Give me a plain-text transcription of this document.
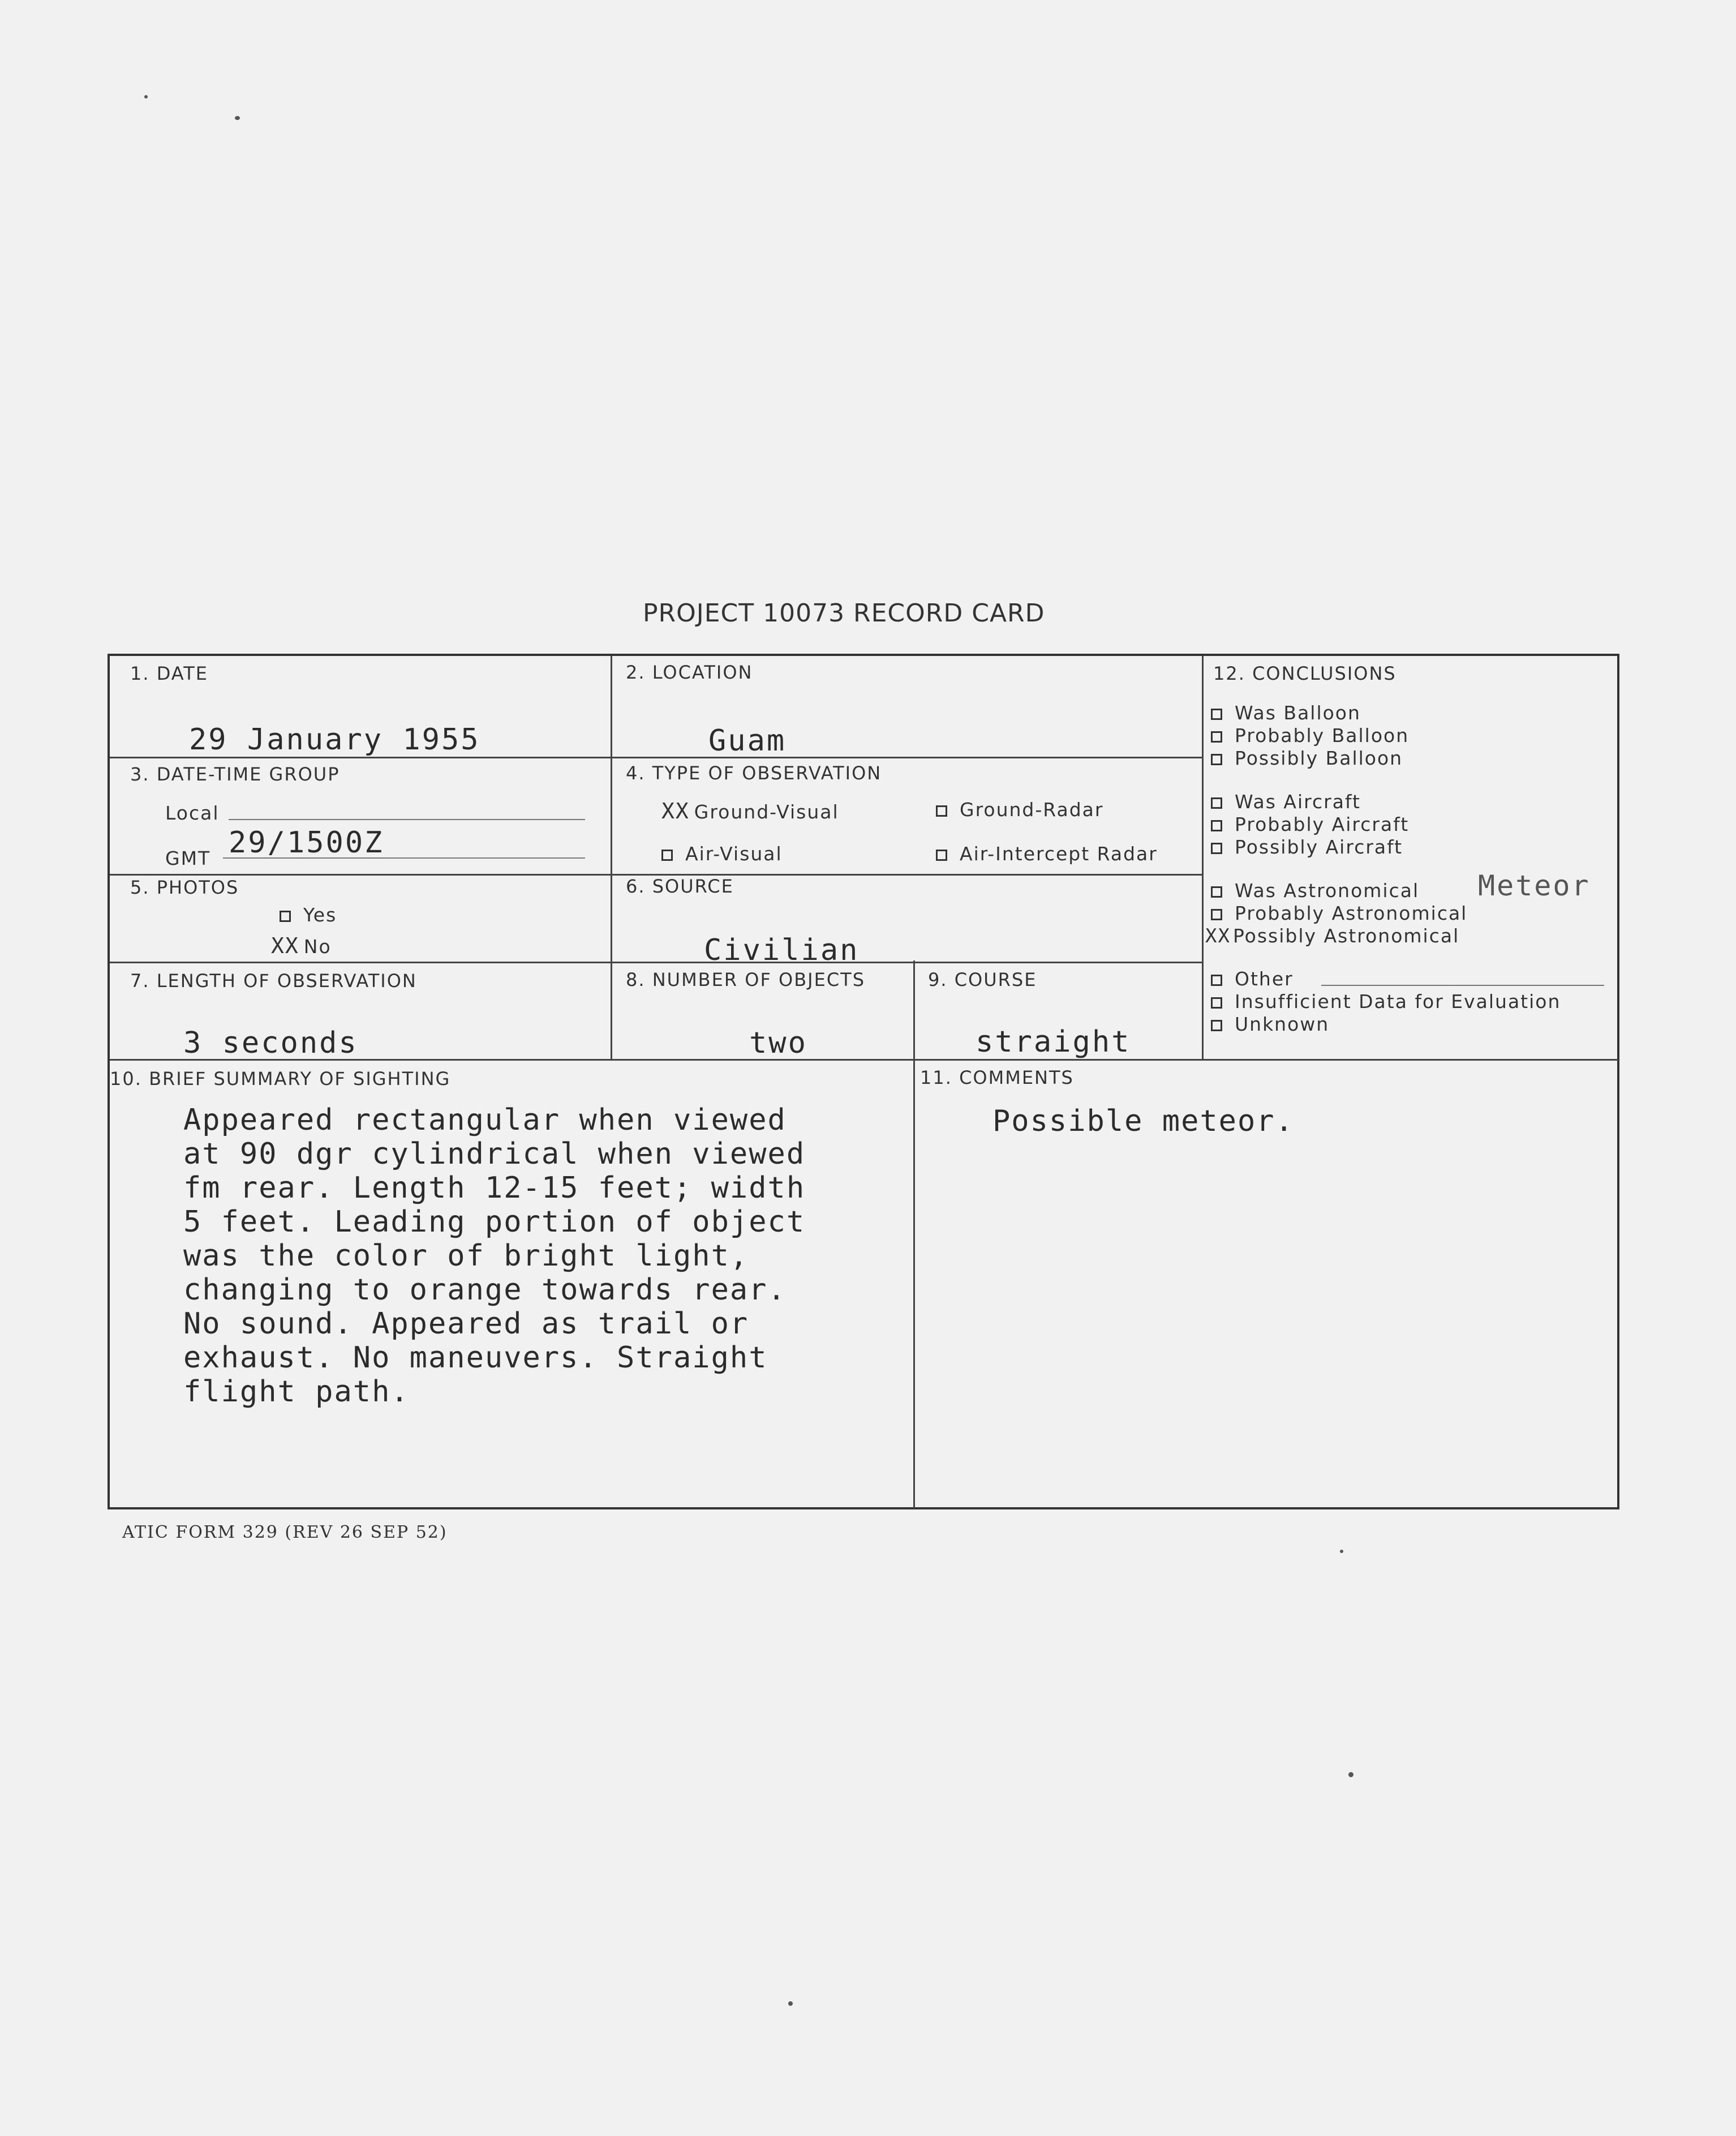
PROJECT 10073 RECORD CARD
1. DATE
29 January 1955
2. LOCATION
Guam
3. DATE-TIME GROUP
Local
GMT 29/1500Z
4. TYPE OF OBSERVATION
XX Ground-Visual	Ground-Radar
Air-Visual	Air-Intercept Radar
5. PHOTOS
Yes
XX No
6. SOURCE
Civilian
7. LENGTH OF OBSERVATION
3 seconds
8. NUMBER OF OBJECTS
two
9. COURSE
straight
10. BRIEF SUMMARY OF SIGHTING
Appeared rectangular when viewed
at 90 dgr cylindrical when viewed
fm rear. Length 12-15 feet; width
5 feet. Leading portion of object
was the color of bright light,
changing to orange towards rear.
No sound. Appeared as trail or
exhaust. No maneuvers. Straight
flight path.
11. COMMENTS
Possible meteor.
12. CONCLUSIONS
Was Balloon
Probably Balloon
Possibly Balloon
Was Aircraft
Probably Aircraft
Possibly Aircraft
Was Astronomical Meteor
Probably Astronomical
XX Possibly Astronomical
Other
Insufficient Data for Evaluation
Unknown
ATIC FORM 329 (REV 26 SEP 52)
